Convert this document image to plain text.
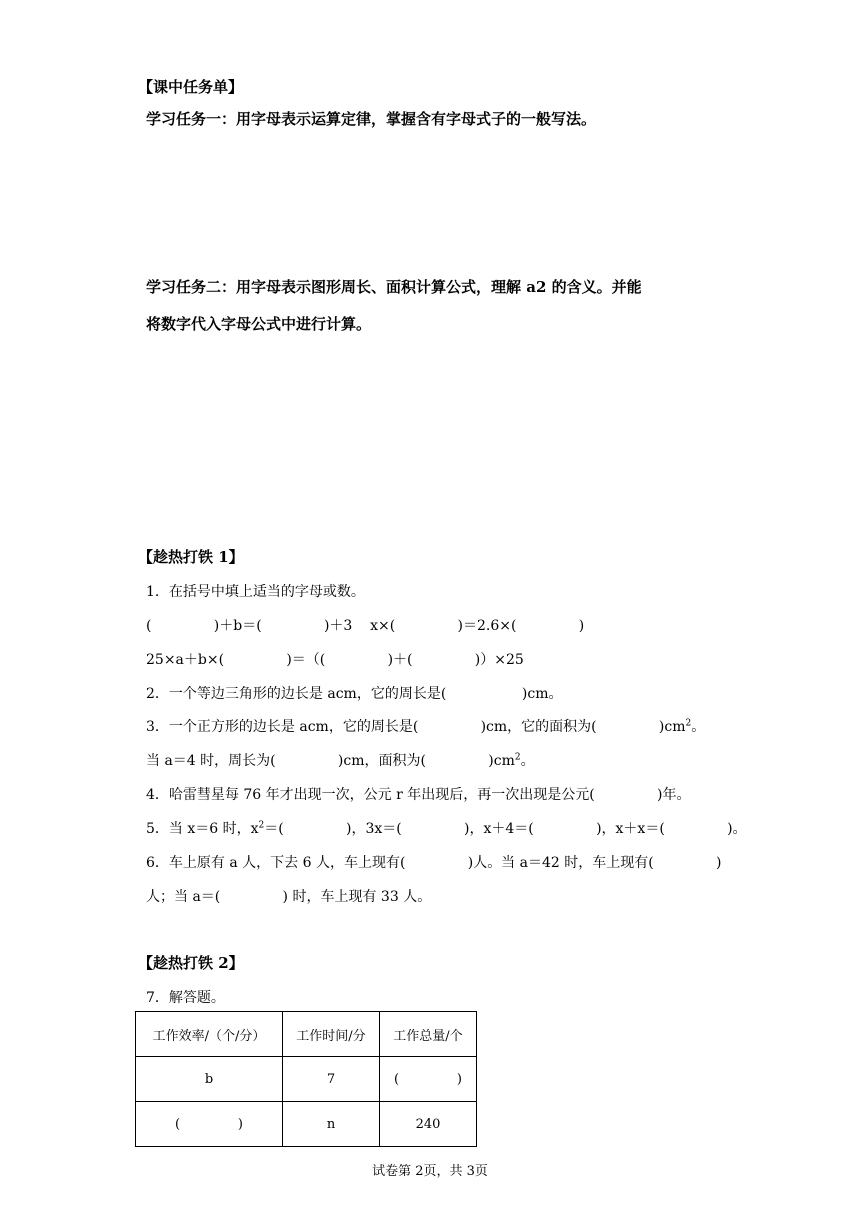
【课中任务单】
学习任务一：用字母表示运算定律，掌握含有字母式子的一般写法。
学习任务二：用字母表示图形周长、面积计算公式，理解 a2 的含义。并能
将数字代入字母公式中进行计算。
【趁热打铁 1】
1．在括号中填上适当的字母或数。
(              )＋b＝(              )＋3    x×(              )＝2.6×(              )
25×a＋b×(              )＝（(              )＋(              )）×25
2．一个等边三角形的边长是 acm，它的周长是(                 )cm。
3．一个正方形的边长是 acm，它的周长是(              )cm，它的面积为(              )$cm^2$。
当 a＝4 时，周长为(              )cm，面积为(              )$cm^2$。
4．哈雷彗星每 76 年才出现一次，公元 r 年出现后，再一次出现是公元(              )年。
5．当 x＝6 时，$x^2=$(              )，3x＝(              )，x＋4＝(              )，x＋x＝(              )。
6．车上原有 a 人，下去 6 人，车上现有(              )人。当 a＝42 时，车上现有(              )
人；当 a＝(              ) 时，车上现有 33 人。
【趁热打铁 2】
7．解答题。
工作效率/（个/分）	工作时间/分	工作总量/个
b	7	(              )
(              )	n	240
试卷第 2页，共 3页
